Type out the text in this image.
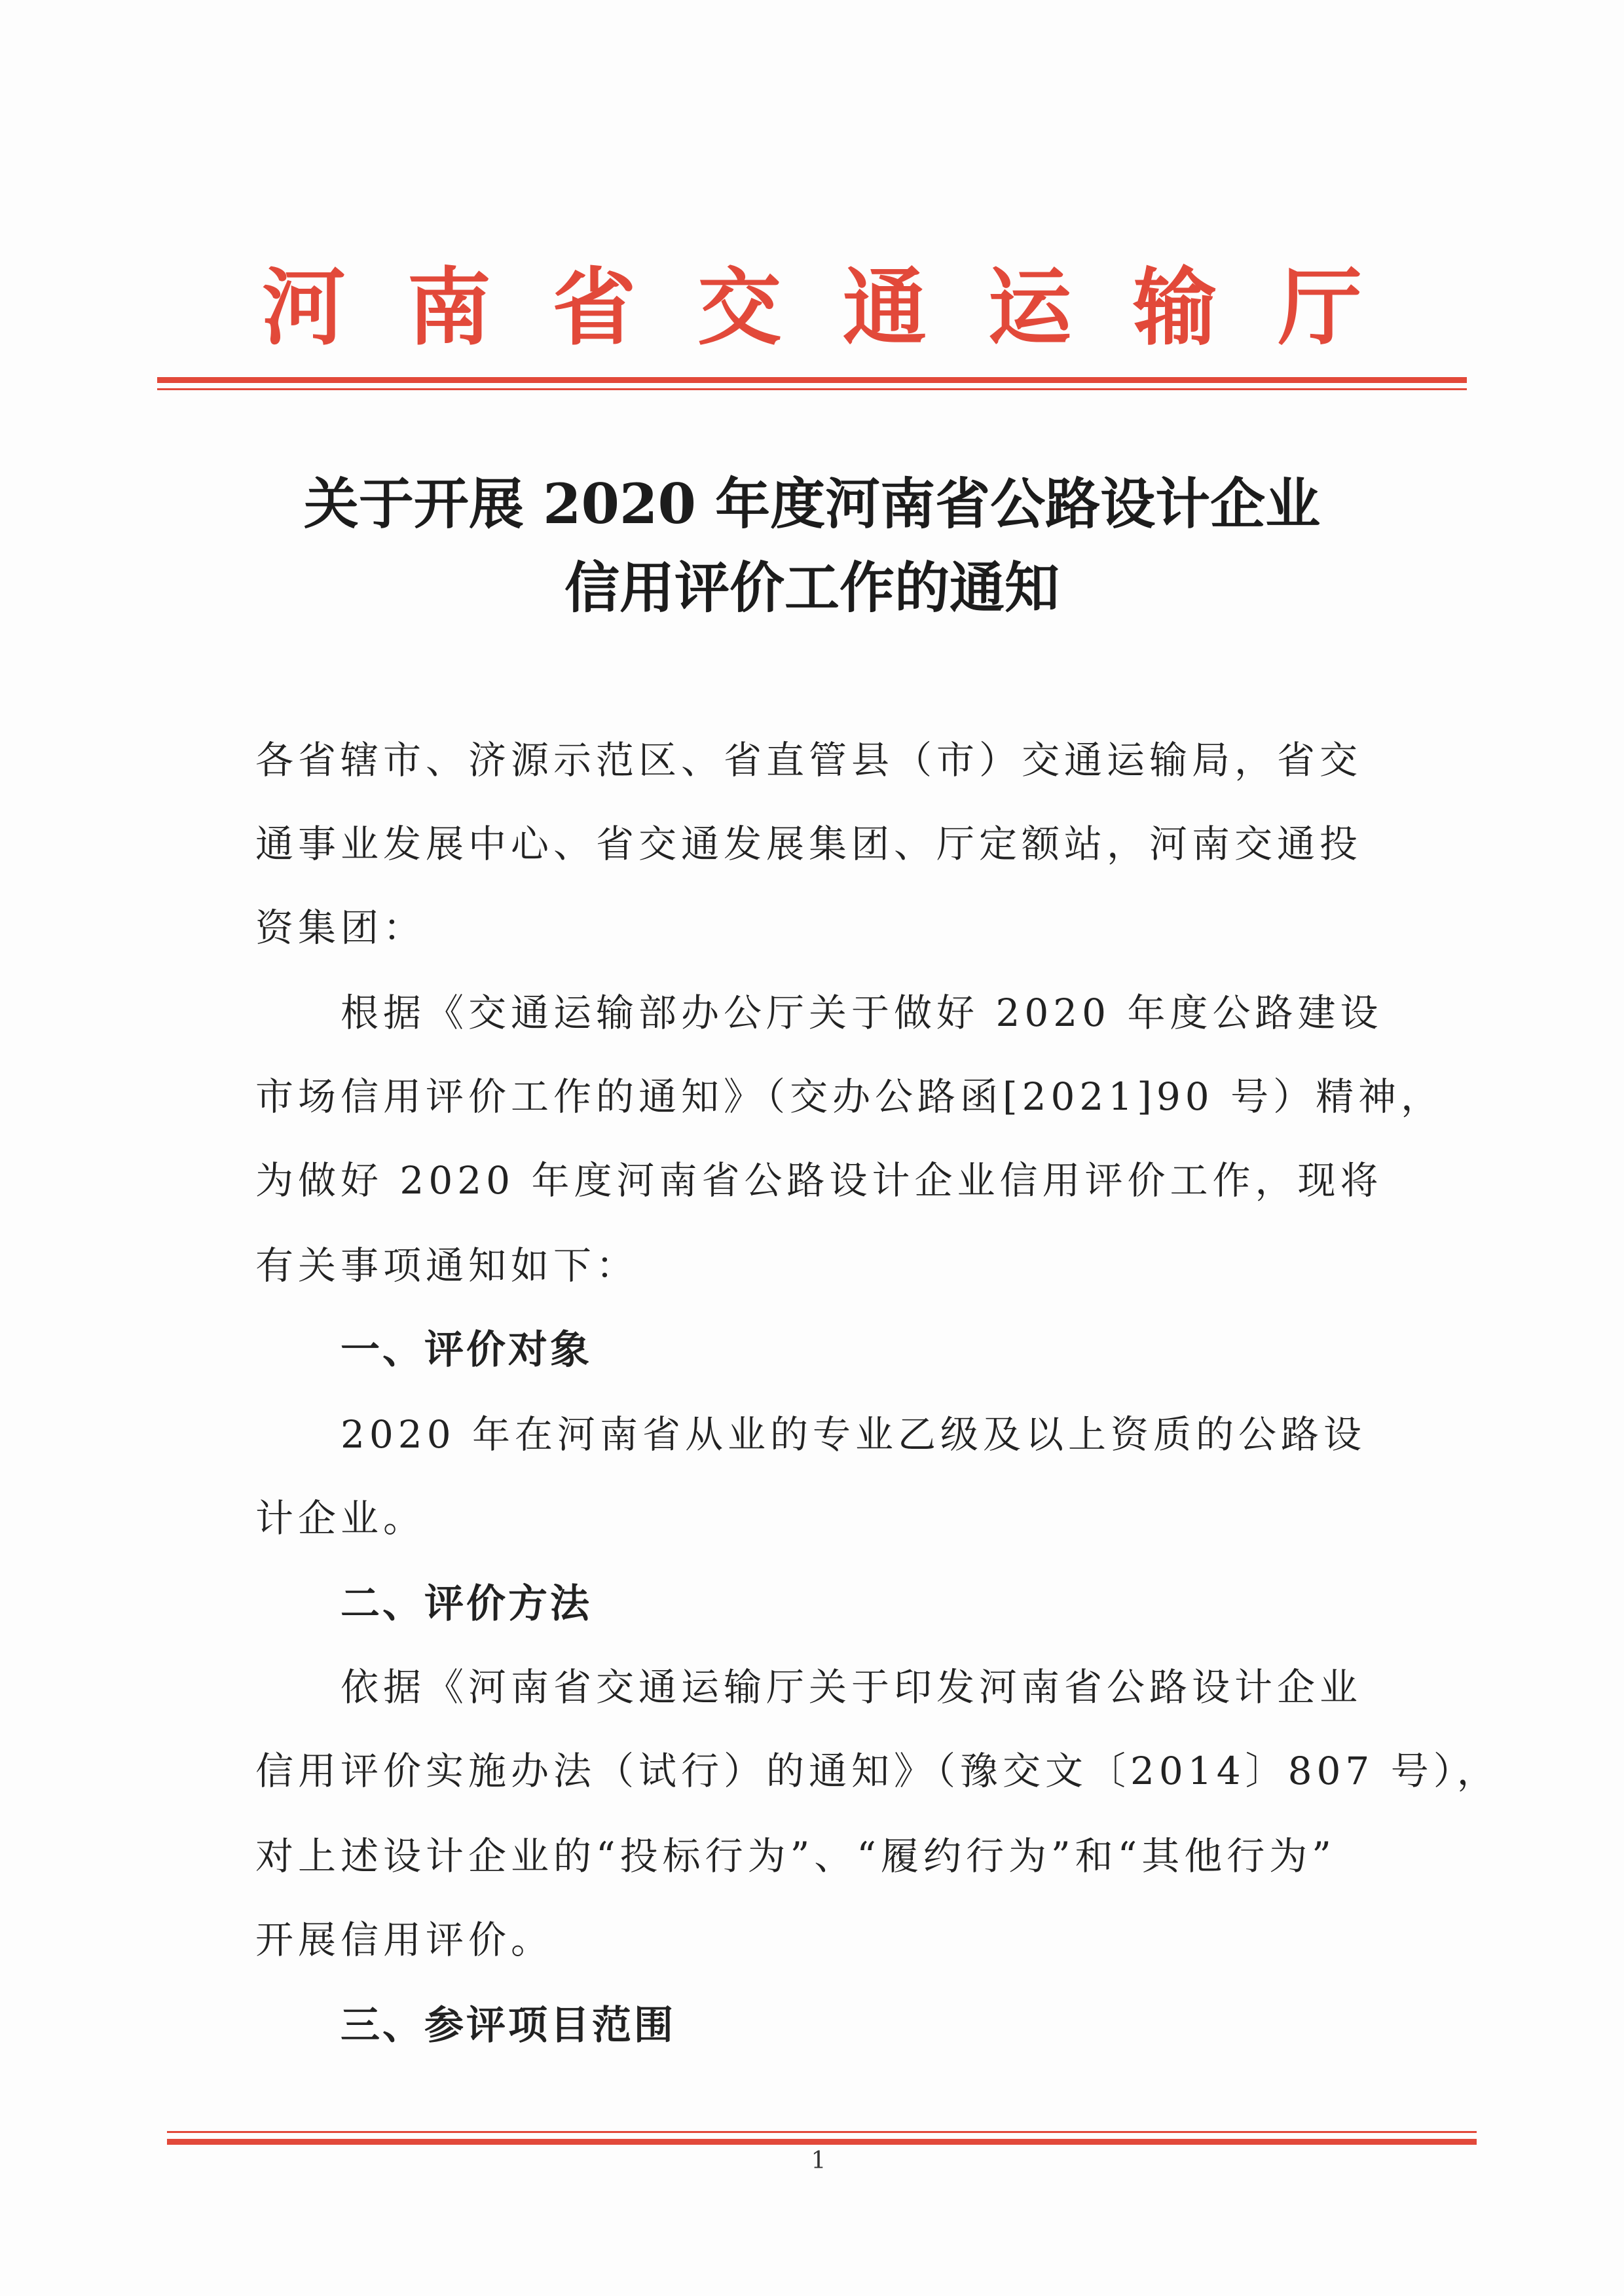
河 南 省 交 通 运 输 厅
关于开展 2020 年度河南省公路设计企业
信用评价工作的通知
各省辖市、济源示范区、省直管县（市）交通运输局，省交
通事业发展中心、省交通发展集团、厅定额站，河南交通投
资集团：
　　根据《交通运输部办公厅关于做好 2020 年度公路建设
市场信用评价工作的通知》（交办公路函[2021]90 号）精神，
为做好 2020 年度河南省公路设计企业信用评价工作，现将
有关事项通知如下：
一、评价对象
　　2020 年在河南省从业的专业乙级及以上资质的公路设
计企业。
二、评价方法
　　依据《河南省交通运输厅关于印发河南省公路设计企业
信用评价实施办法（试行）的通知》（豫交文〔2014〕807 号），
对上述设计企业的“投标行为”、“履约行为”和“其他行为”
开展信用评价。
三、参评项目范围
1
